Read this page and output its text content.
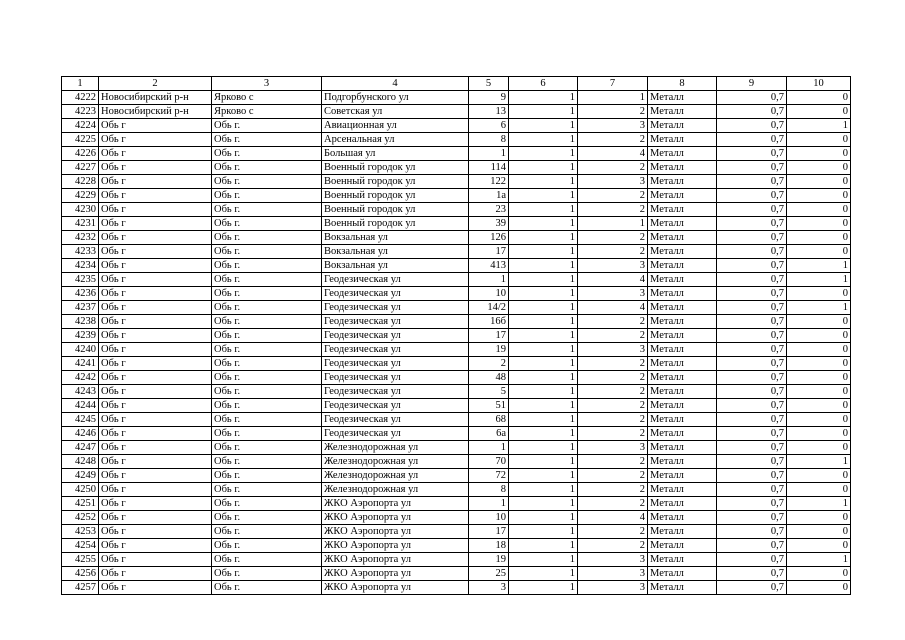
1	2	3	4	5	6	7	8	9	10
4222	Новосибирский р-н	Ярково с	Подгорбунского ул	9	1	1	Металл	0,7	0
4223	Новосибирский р-н	Ярково с	Советская ул	13	1	2	Металл	0,7	0
4224	Обь г	Обь г.	Авиационная ул	6	1	3	Металл	0,7	1
4225	Обь г	Обь г.	Арсенальная ул	8	1	2	Металл	0,7	0
4226	Обь г	Обь г.	Большая ул	1	1	4	Металл	0,7	0
4227	Обь г	Обь г.	Военный городок ул	114	1	2	Металл	0,7	0
4228	Обь г	Обь г.	Военный городок ул	122	1	3	Металл	0,7	0
4229	Обь г	Обь г.	Военный городок ул	1а	1	2	Металл	0,7	0
4230	Обь г	Обь г.	Военный городок ул	23	1	2	Металл	0,7	0
4231	Обь г	Обь г.	Военный городок ул	39	1	1	Металл	0,7	0
4232	Обь г	Обь г.	Вокзальная ул	126	1	2	Металл	0,7	0
4233	Обь г	Обь г.	Вокзальная ул	17	1	2	Металл	0,7	0
4234	Обь г	Обь г.	Вокзальная ул	413	1	3	Металл	0,7	1
4235	Обь г	Обь г.	Геодезическая ул	1	1	4	Металл	0,7	1
4236	Обь г	Обь г.	Геодезическая ул	10	1	3	Металл	0,7	0
4237	Обь г	Обь г.	Геодезическая ул	14/2	1	4	Металл	0,7	1
4238	Обь г	Обь г.	Геодезическая ул	16б	1	2	Металл	0,7	0
4239	Обь г	Обь г.	Геодезическая ул	17	1	2	Металл	0,7	0
4240	Обь г	Обь г.	Геодезическая ул	19	1	3	Металл	0,7	0
4241	Обь г	Обь г.	Геодезическая ул	2	1	2	Металл	0,7	0
4242	Обь г	Обь г.	Геодезическая ул	48	1	2	Металл	0,7	0
4243	Обь г	Обь г.	Геодезическая ул	5	1	2	Металл	0,7	0
4244	Обь г	Обь г.	Геодезическая ул	51	1	2	Металл	0,7	0
4245	Обь г	Обь г.	Геодезическая ул	68	1	2	Металл	0,7	0
4246	Обь г	Обь г.	Геодезическая ул	6а	1	2	Металл	0,7	0
4247	Обь г	Обь г.	Железнодорожная ул	1	1	3	Металл	0,7	0
4248	Обь г	Обь г.	Железнодорожная ул	70	1	2	Металл	0,7	1
4249	Обь г	Обь г.	Железнодорожная ул	72	1	2	Металл	0,7	0
4250	Обь г	Обь г.	Железнодорожная ул	8	1	2	Металл	0,7	0
4251	Обь г	Обь г.	ЖКО Аэропорта ул	1	1	2	Металл	0,7	1
4252	Обь г	Обь г.	ЖКО Аэропорта ул	10	1	4	Металл	0,7	0
4253	Обь г	Обь г.	ЖКО Аэропорта ул	17	1	2	Металл	0,7	0
4254	Обь г	Обь г.	ЖКО Аэропорта ул	18	1	2	Металл	0,7	0
4255	Обь г	Обь г.	ЖКО Аэропорта ул	19	1	3	Металл	0,7	1
4256	Обь г	Обь г.	ЖКО Аэропорта ул	25	1	3	Металл	0,7	0
4257	Обь г	Обь г.	ЖКО Аэропорта ул	3	1	3	Металл	0,7	0
